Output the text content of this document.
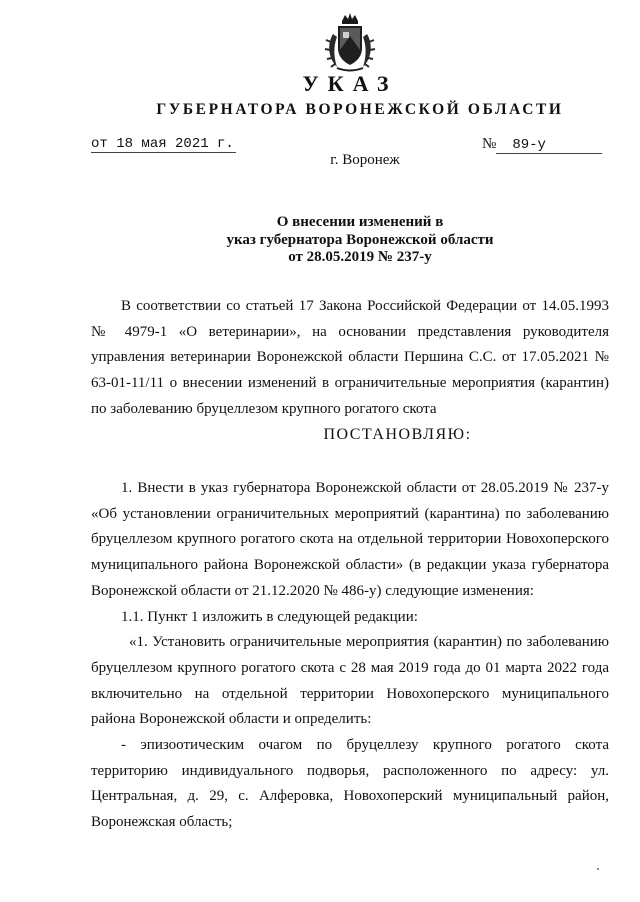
УКАЗ
ГУБЕРНАТОРА ВОРОНЕЖСКОЙ ОБЛАСТИ
от 18 мая 2021 г.	№ 89-у
г. Воронеж
О внесении изменений в
указ губернатора Воронежской области
от 28.05.2019 № 237-у

В соответствии со статьей 17 Закона Российской Федерации от 14.05.1993 № 4979-1 «О ветеринарии», на основании представления руководителя управления ветеринарии Воронежской области Першина С.С. от 17.05.2021 № 63-01-11/11 о внесении изменений в ограничительные мероприятия (карантин) по заболеванию бруцеллезом крупного рогатого скота

ПОСТАНОВЛЯЮ:

1. Внести в указ губернатора Воронежской области от 28.05.2019 № 237-у «Об установлении ограничительных мероприятий (карантина) по заболеванию бруцеллезом крупного рогатого скота на отдельной территории Новохоперского муниципального района Воронежской области» (в редакции указа губернатора Воронежской области от 21.12.2020 № 486-у) следующие изменения:

1.1. Пункт 1 изложить в следующей редакции:

«1. Установить ограничительные мероприятия (карантин) по заболеванию бруцеллезом крупного рогатого скота с 28 мая 2019 года до 01 марта 2022 года включительно на отдельной территории Новохоперского муниципального района Воронежской области и определить:

- эпизоотическим очагом по бруцеллезу крупного рогатого скота территорию индивидуального подворья, расположенного по адресу: ул. Центральная, д. 29, с. Алферовка, Новохоперский муниципальный район, Воронежская область;
